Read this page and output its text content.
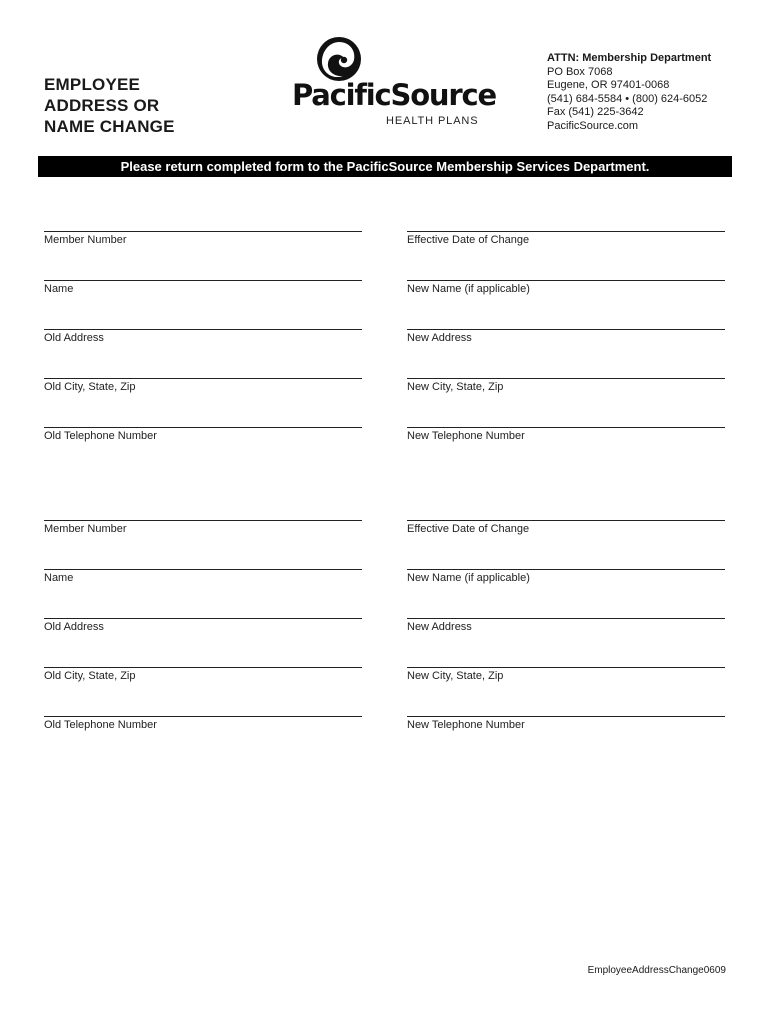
EMPLOYEE
ADDRESS OR
NAME CHANGE
PacificSource
HEALTH PLANS
ATTN: Membership Department
PO Box 7068
Eugene, OR 97401-0068
(541) 684-5584 • (800) 624-6052
Fax (541) 225-3642
PacificSource.com
Please return completed form to the PacificSource Membership Services Department.
Member Number	Effective Date of Change
Name	New Name (if applicable)
Old Address	New Address
Old City, State, Zip	New City, State, Zip
Old Telephone Number	New Telephone Number
Member Number	Effective Date of Change
Name	New Name (if applicable)
Old Address	New Address
Old City, State, Zip	New City, State, Zip
Old Telephone Number	New Telephone Number
EmployeeAddressChange0609
